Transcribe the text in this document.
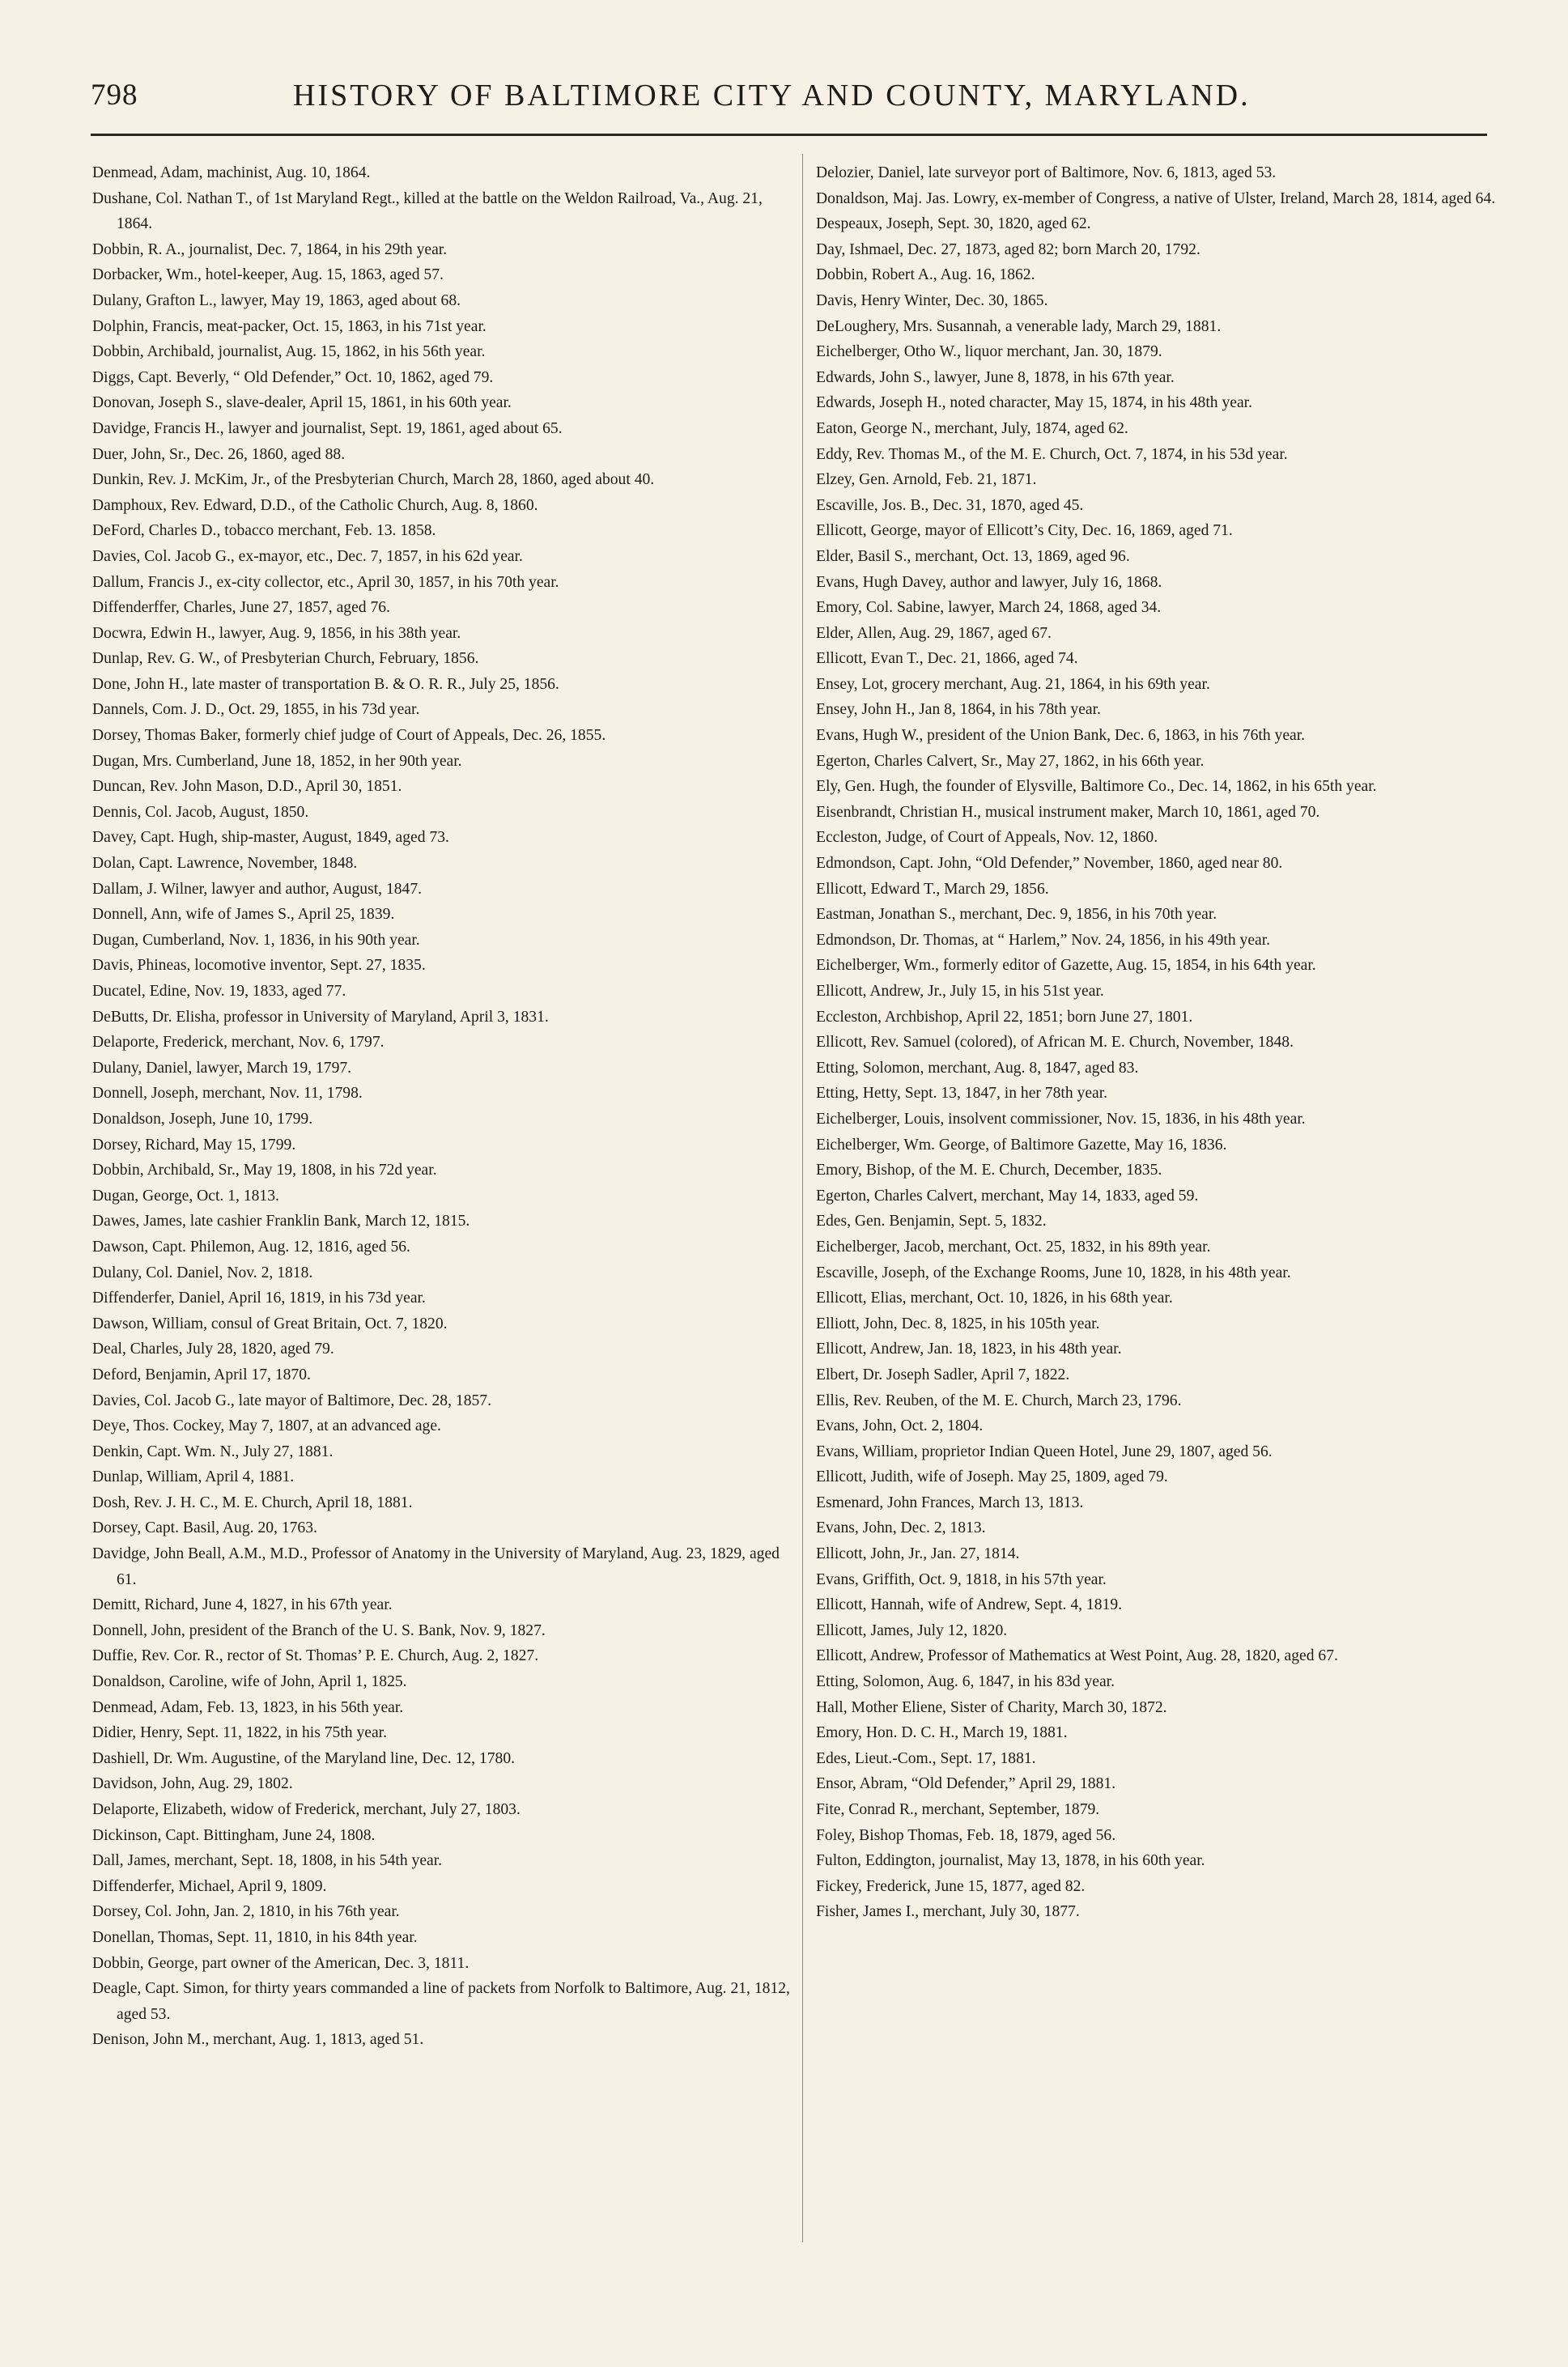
798	HISTORY OF BALTIMORE CITY AND COUNTY, MARYLAND.

Denmead, Adam, machinist, Aug. 10, 1864.

Dushane, Col. Nathan T., of 1st Maryland Regt., killed at the battle on the Weldon Railroad, Va., Aug. 21, 1864.

Dobbin, R. A., journalist, Dec. 7, 1864, in his 29th year.

Dorbacker, Wm., hotel-keeper, Aug. 15, 1863, aged 57.

Dulany, Grafton L., lawyer, May 19, 1863, aged about 68.

Dolphin, Francis, meat-packer, Oct. 15, 1863, in his 71st year.

Dobbin, Archibald, journalist, Aug. 15, 1862, in his 56th year.

Diggs, Capt. Beverly, “ Old Defender,” Oct. 10, 1862, aged 79.

Donovan, Joseph S., slave-dealer, April 15, 1861, in his 60th year.

Davidge, Francis H., lawyer and journalist, Sept. 19, 1861, aged about 65.

Duer, John, Sr., Dec. 26, 1860, aged 88.

Dunkin, Rev. J. McKim, Jr., of the Presbyterian Church, March 28, 1860, aged about 40.

Damphoux, Rev. Edward, D.D., of the Catholic Church, Aug. 8, 1860.

DeFord, Charles D., tobacco merchant, Feb. 13. 1858.

Davies, Col. Jacob G., ex-mayor, etc., Dec. 7, 1857, in his 62d year.

Dallum, Francis J., ex-city collector, etc., April 30, 1857, in his 70th year.

Diffenderffer, Charles, June 27, 1857, aged 76.

Docwra, Edwin H., lawyer, Aug. 9, 1856, in his 38th year.

Dunlap, Rev. G. W., of Presbyterian Church, February, 1856.

Done, John H., late master of transportation B. & O. R. R., July 25, 1856.

Dannels, Com. J. D., Oct. 29, 1855, in his 73d year.

Dorsey, Thomas Baker, formerly chief judge of Court of Appeals, Dec. 26, 1855.

Dugan, Mrs. Cumberland, June 18, 1852, in her 90th year.

Duncan, Rev. John Mason, D.D., April 30, 1851.

Dennis, Col. Jacob, August, 1850.

Davey, Capt. Hugh, ship-master, August, 1849, aged 73.

Dolan, Capt. Lawrence, November, 1848.

Dallam, J. Wilner, lawyer and author, August, 1847.

Donnell, Ann, wife of James S., April 25, 1839.

Dugan, Cumberland, Nov. 1, 1836, in his 90th year.

Davis, Phineas, locomotive inventor, Sept. 27, 1835.

Ducatel, Edine, Nov. 19, 1833, aged 77.

DeButts, Dr. Elisha, professor in University of Maryland, April 3, 1831.

Delaporte, Frederick, merchant, Nov. 6, 1797.

Dulany, Daniel, lawyer, March 19, 1797.

Donnell, Joseph, merchant, Nov. 11, 1798.

Donaldson, Joseph, June 10, 1799.

Dorsey, Richard, May 15, 1799.

Dobbin, Archibald, Sr., May 19, 1808, in his 72d year.

Dugan, George, Oct. 1, 1813.

Dawes, James, late cashier Franklin Bank, March 12, 1815.

Dawson, Capt. Philemon, Aug. 12, 1816, aged 56.

Dulany, Col. Daniel, Nov. 2, 1818.

Diffenderfer, Daniel, April 16, 1819, in his 73d year.

Dawson, William, consul of Great Britain, Oct. 7, 1820.

Deal, Charles, July 28, 1820, aged 79.

Deford, Benjamin, April 17, 1870.

Davies, Col. Jacob G., late mayor of Baltimore, Dec. 28, 1857.

Deye, Thos. Cockey, May 7, 1807, at an advanced age.

Denkin, Capt. Wm. N., July 27, 1881.

Dunlap, William, April 4, 1881.

Dosh, Rev. J. H. C., M. E. Church, April 18, 1881.

Dorsey, Capt. Basil, Aug. 20, 1763.

Davidge, John Beall, A.M., M.D., Professor of Anatomy in the University of Maryland, Aug. 23, 1829, aged 61.

Demitt, Richard, June 4, 1827, in his 67th year.

Donnell, John, president of the Branch of the U. S. Bank, Nov. 9, 1827.

Duffie, Rev. Cor. R., rector of St. Thomas’ P. E. Church, Aug. 2, 1827.

Donaldson, Caroline, wife of John, April 1, 1825.

Denmead, Adam, Feb. 13, 1823, in his 56th year.

Didier, Henry, Sept. 11, 1822, in his 75th year.

Dashiell, Dr. Wm. Augustine, of the Maryland line, Dec. 12, 1780.

Davidson, John, Aug. 29, 1802.

Delaporte, Elizabeth, widow of Frederick, merchant, July 27, 1803.

Dickinson, Capt. Bittingham, June 24, 1808.

Dall, James, merchant, Sept. 18, 1808, in his 54th year.

Diffenderfer, Michael, April 9, 1809.

Dorsey, Col. John, Jan. 2, 1810, in his 76th year.

Donellan, Thomas, Sept. 11, 1810, in his 84th year.

Dobbin, George, part owner of the American, Dec. 3, 1811.

Deagle, Capt. Simon, for thirty years commanded a line of packets from Norfolk to Baltimore, Aug. 21, 1812, aged 53.

Denison, John M., merchant, Aug. 1, 1813, aged 51.

Delozier, Daniel, late surveyor port of Baltimore, Nov. 6, 1813, aged 53.

Donaldson, Maj. Jas. Lowry, ex-member of Congress, a native of Ulster, Ireland, March 28, 1814, aged 64.

Despeaux, Joseph, Sept. 30, 1820, aged 62.

Day, Ishmael, Dec. 27, 1873, aged 82; born March 20, 1792.

Dobbin, Robert A., Aug. 16, 1862.

Davis, Henry Winter, Dec. 30, 1865.

DeLoughery, Mrs. Susannah, a venerable lady, March 29, 1881.

Eichelberger, Otho W., liquor merchant, Jan. 30, 1879.

Edwards, John S., lawyer, June 8, 1878, in his 67th year.

Edwards, Joseph H., noted character, May 15, 1874, in his 48th year.

Eaton, George N., merchant, July, 1874, aged 62.

Eddy, Rev. Thomas M., of the M. E. Church, Oct. 7, 1874, in his 53d year.

Elzey, Gen. Arnold, Feb. 21, 1871.

Escaville, Jos. B., Dec. 31, 1870, aged 45.

Ellicott, George, mayor of Ellicott’s City, Dec. 16, 1869, aged 71.

Elder, Basil S., merchant, Oct. 13, 1869, aged 96.

Evans, Hugh Davey, author and lawyer, July 16, 1868.

Emory, Col. Sabine, lawyer, March 24, 1868, aged 34.

Elder, Allen, Aug. 29, 1867, aged 67.

Ellicott, Evan T., Dec. 21, 1866, aged 74.

Ensey, Lot, grocery merchant, Aug. 21, 1864, in his 69th year.

Ensey, John H., Jan 8, 1864, in his 78th year.

Evans, Hugh W., president of the Union Bank, Dec. 6, 1863, in his 76th year.

Egerton, Charles Calvert, Sr., May 27, 1862, in his 66th year.

Ely, Gen. Hugh, the founder of Elysville, Baltimore Co., Dec. 14, 1862, in his 65th year.

Eisenbrandt, Christian H., musical instrument maker, March 10, 1861, aged 70.

Eccleston, Judge, of Court of Appeals, Nov. 12, 1860.

Edmondson, Capt. John, “Old Defender,” November, 1860, aged near 80.

Ellicott, Edward T., March 29, 1856.

Eastman, Jonathan S., merchant, Dec. 9, 1856, in his 70th year.

Edmondson, Dr. Thomas, at “ Harlem,” Nov. 24, 1856, in his 49th year.

Eichelberger, Wm., formerly editor of Gazette, Aug. 15, 1854, in his 64th year.

Ellicott, Andrew, Jr., July 15, in his 51st year.

Eccleston, Archbishop, April 22, 1851; born June 27, 1801.

Ellicott, Rev. Samuel (colored), of African M. E. Church, November, 1848.

Etting, Solomon, merchant, Aug. 8, 1847, aged 83.

Etting, Hetty, Sept. 13, 1847, in her 78th year.

Eichelberger, Louis, insolvent commissioner, Nov. 15, 1836, in his 48th year.

Eichelberger, Wm. George, of Baltimore Gazette, May 16, 1836.

Emory, Bishop, of the M. E. Church, December, 1835.

Egerton, Charles Calvert, merchant, May 14, 1833, aged 59.

Edes, Gen. Benjamin, Sept. 5, 1832.

Eichelberger, Jacob, merchant, Oct. 25, 1832, in his 89th year.

Escaville, Joseph, of the Exchange Rooms, June 10, 1828, in his 48th year.

Ellicott, Elias, merchant, Oct. 10, 1826, in his 68th year.

Elliott, John, Dec. 8, 1825, in his 105th year.

Ellicott, Andrew, Jan. 18, 1823, in his 48th year.

Elbert, Dr. Joseph Sadler, April 7, 1822.

Ellis, Rev. Reuben, of the M. E. Church, March 23, 1796.

Evans, John, Oct. 2, 1804.

Evans, William, proprietor Indian Queen Hotel, June 29, 1807, aged 56.

Ellicott, Judith, wife of Joseph. May 25, 1809, aged 79.

Esmenard, John Frances, March 13, 1813.

Evans, John, Dec. 2, 1813.

Ellicott, John, Jr., Jan. 27, 1814.

Evans, Griffith, Oct. 9, 1818, in his 57th year.

Ellicott, Hannah, wife of Andrew, Sept. 4, 1819.

Ellicott, James, July 12, 1820.

Ellicott, Andrew, Professor of Mathematics at West Point, Aug. 28, 1820, aged 67.

Etting, Solomon, Aug. 6, 1847, in his 83d year.

Hall, Mother Eliene, Sister of Charity, March 30, 1872.

Emory, Hon. D. C. H., March 19, 1881.

Edes, Lieut.-Com., Sept. 17, 1881.

Ensor, Abram, “Old Defender,” April 29, 1881.

Fite, Conrad R., merchant, September, 1879.

Foley, Bishop Thomas, Feb. 18, 1879, aged 56.

Fulton, Eddington, journalist, May 13, 1878, in his 60th year.

Fickey, Frederick, June 15, 1877, aged 82.

Fisher, James I., merchant, July 30, 1877.
